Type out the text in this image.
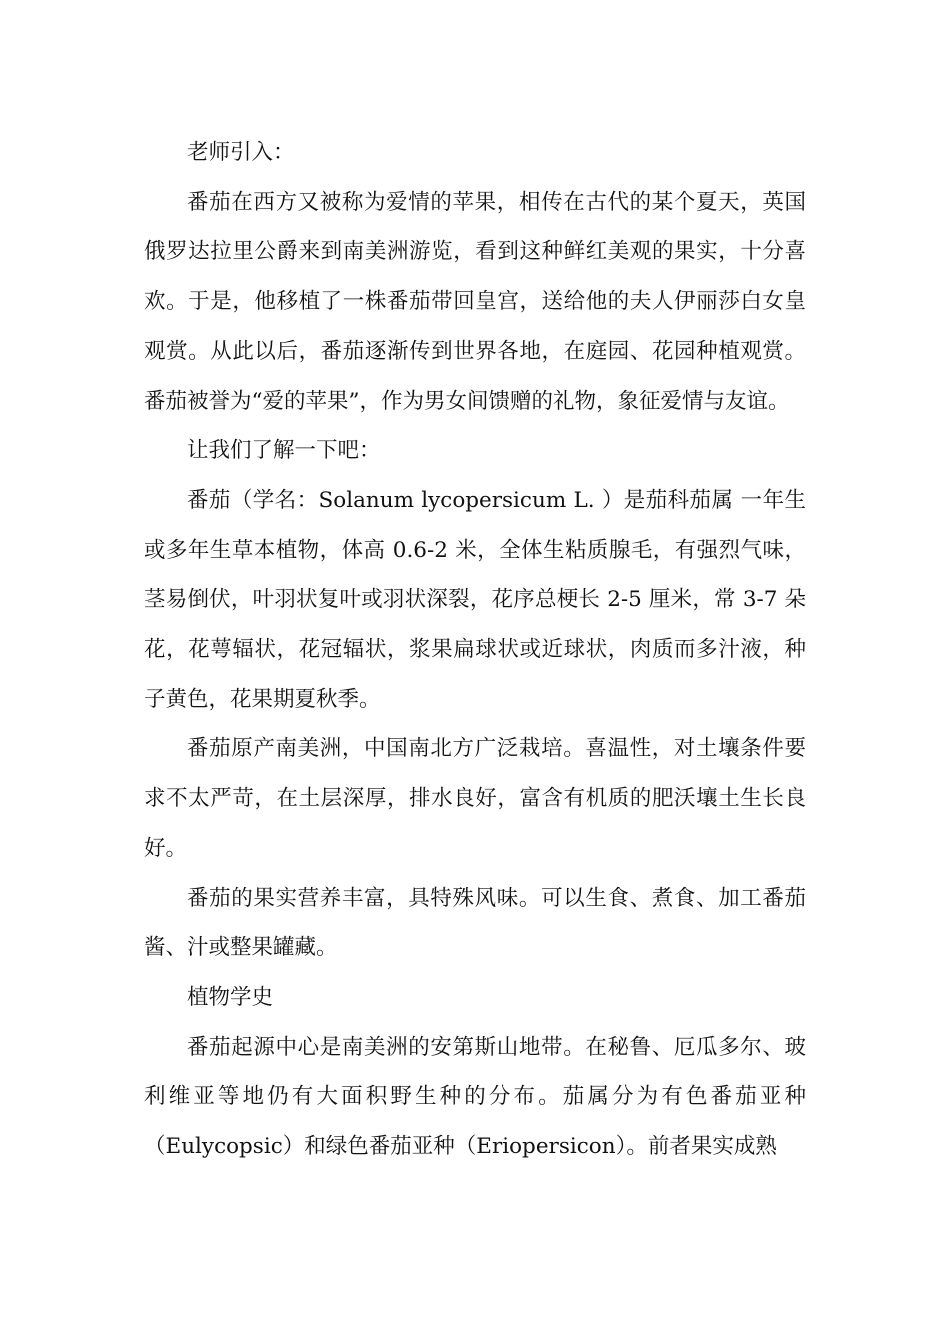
老师引入：

番茄在西方又被称为爱情的苹果，相传在古代的某个夏天，英国俄罗达拉里公爵来到南美洲游览，看到这种鲜红美观的果实，十分喜欢。于是，他移植了一株番茄带回皇宫，送给他的夫人伊丽莎白女皇观赏。从此以后，番茄逐渐传到世界各地，在庭园、花园种植观赏。番茄被誉为“爱的苹果”，作为男女间馈赠的礼物，象征爱情与友谊。

让我们了解一下吧：

番茄（学名：Solanum lycopersicum L. ）是茄科茄属 一年生或多年生草本植物，体高 0.6-2 米，全体生粘质腺毛，有强烈气味，茎易倒伏，叶羽状复叶或羽状深裂，花序总梗长 2-5 厘米，常 3-7 朵花，花萼辐状，花冠辐状，浆果扁球状或近球状，肉质而多汁液，种子黄色，花果期夏秋季。

番茄原产南美洲，中国南北方广泛栽培。喜温性，对土壤条件要求不太严苛，在土层深厚，排水良好，富含有机质的肥沃壤土生长良好。

番茄的果实营养丰富，具特殊风味。可以生食、煮食、加工番茄酱、汁或整果罐藏。

植物学史

番茄起源中心是南美洲的安第斯山地带。在秘鲁、厄瓜多尔、玻利维亚等地仍有大面积野生种的分布。茄属分为有色番茄亚种（Eulycopsic）和绿色番茄亚种（Eriopersicon）。前者果实成熟
